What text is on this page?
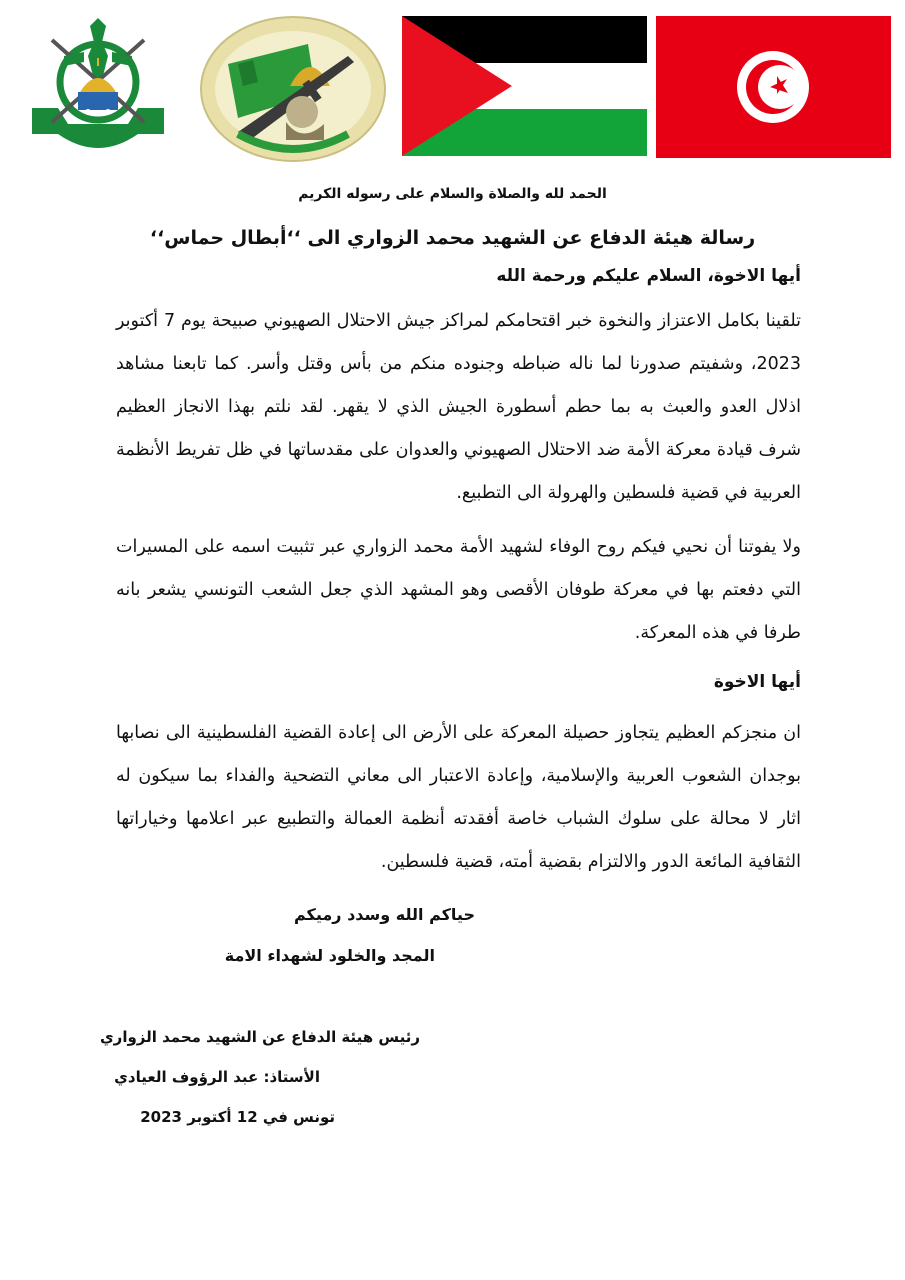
الحمد لله والصلاة والسلام على رسوله الكريم
رسالة هيئة الدفاع عن الشهيد محمد الزواري الى ‘‘أبطال حماس‘‘
أيها الاخوة، السلام عليكم ورحمة الله
تلقينا بكامل الاعتزاز والنخوة خبر اقتحامكم لمراكز جيش الاحتلال الصهيوني صبيحة يوم 7 أكتوبر 2023، وشفيتم صدورنا لما ناله ضباطه وجنوده منكم من بأس وقتل وأسر. كما تابعنا مشاهد اذلال العدو والعبث به بما حطم أسطورة الجيش الذي لا يقهر. لقد نلتم بهذا الانجاز العظيم شرف قيادة معركة الأمة ضد الاحتلال الصهيوني والعدوان على مقدساتها في ظل تفريط الأنظمة العربية في قضية فلسطين والهرولة الى التطبيع.
ولا يفوتنا أن نحيي فيكم روح الوفاء لشهيد الأمة محمد الزواري عبر تثبيت اسمه على المسيرات التي دفعتم بها في معركة طوفان الأقصى وهو المشهد الذي جعل الشعب التونسي يشعر بانه طرفا في هذه المعركة.
أيها الاخوة
ان منجزكم العظيم يتجاوز حصيلة المعركة على الأرض الى إعادة القضية الفلسطينية الى نصابها بوجدان الشعوب العربية والإسلامية، وإعادة الاعتبار الى معاني التضحية والفداء بما سيكون له اثار لا محالة على سلوك الشباب خاصة أفقدته أنظمة العمالة والتطبيع عبر اعلامها وخياراتها الثقافية المائعة الدور والالتزام بقضية أمته، قضية فلسطين.
حياكم الله وسدد رميكم
المجد والخلود لشهداء الامة
رئيس هيئة الدفاع عن الشهيد محمد الزواري
الأستاذ: عبد الرؤوف العيادي
تونس في 12 أكتوبر 2023
